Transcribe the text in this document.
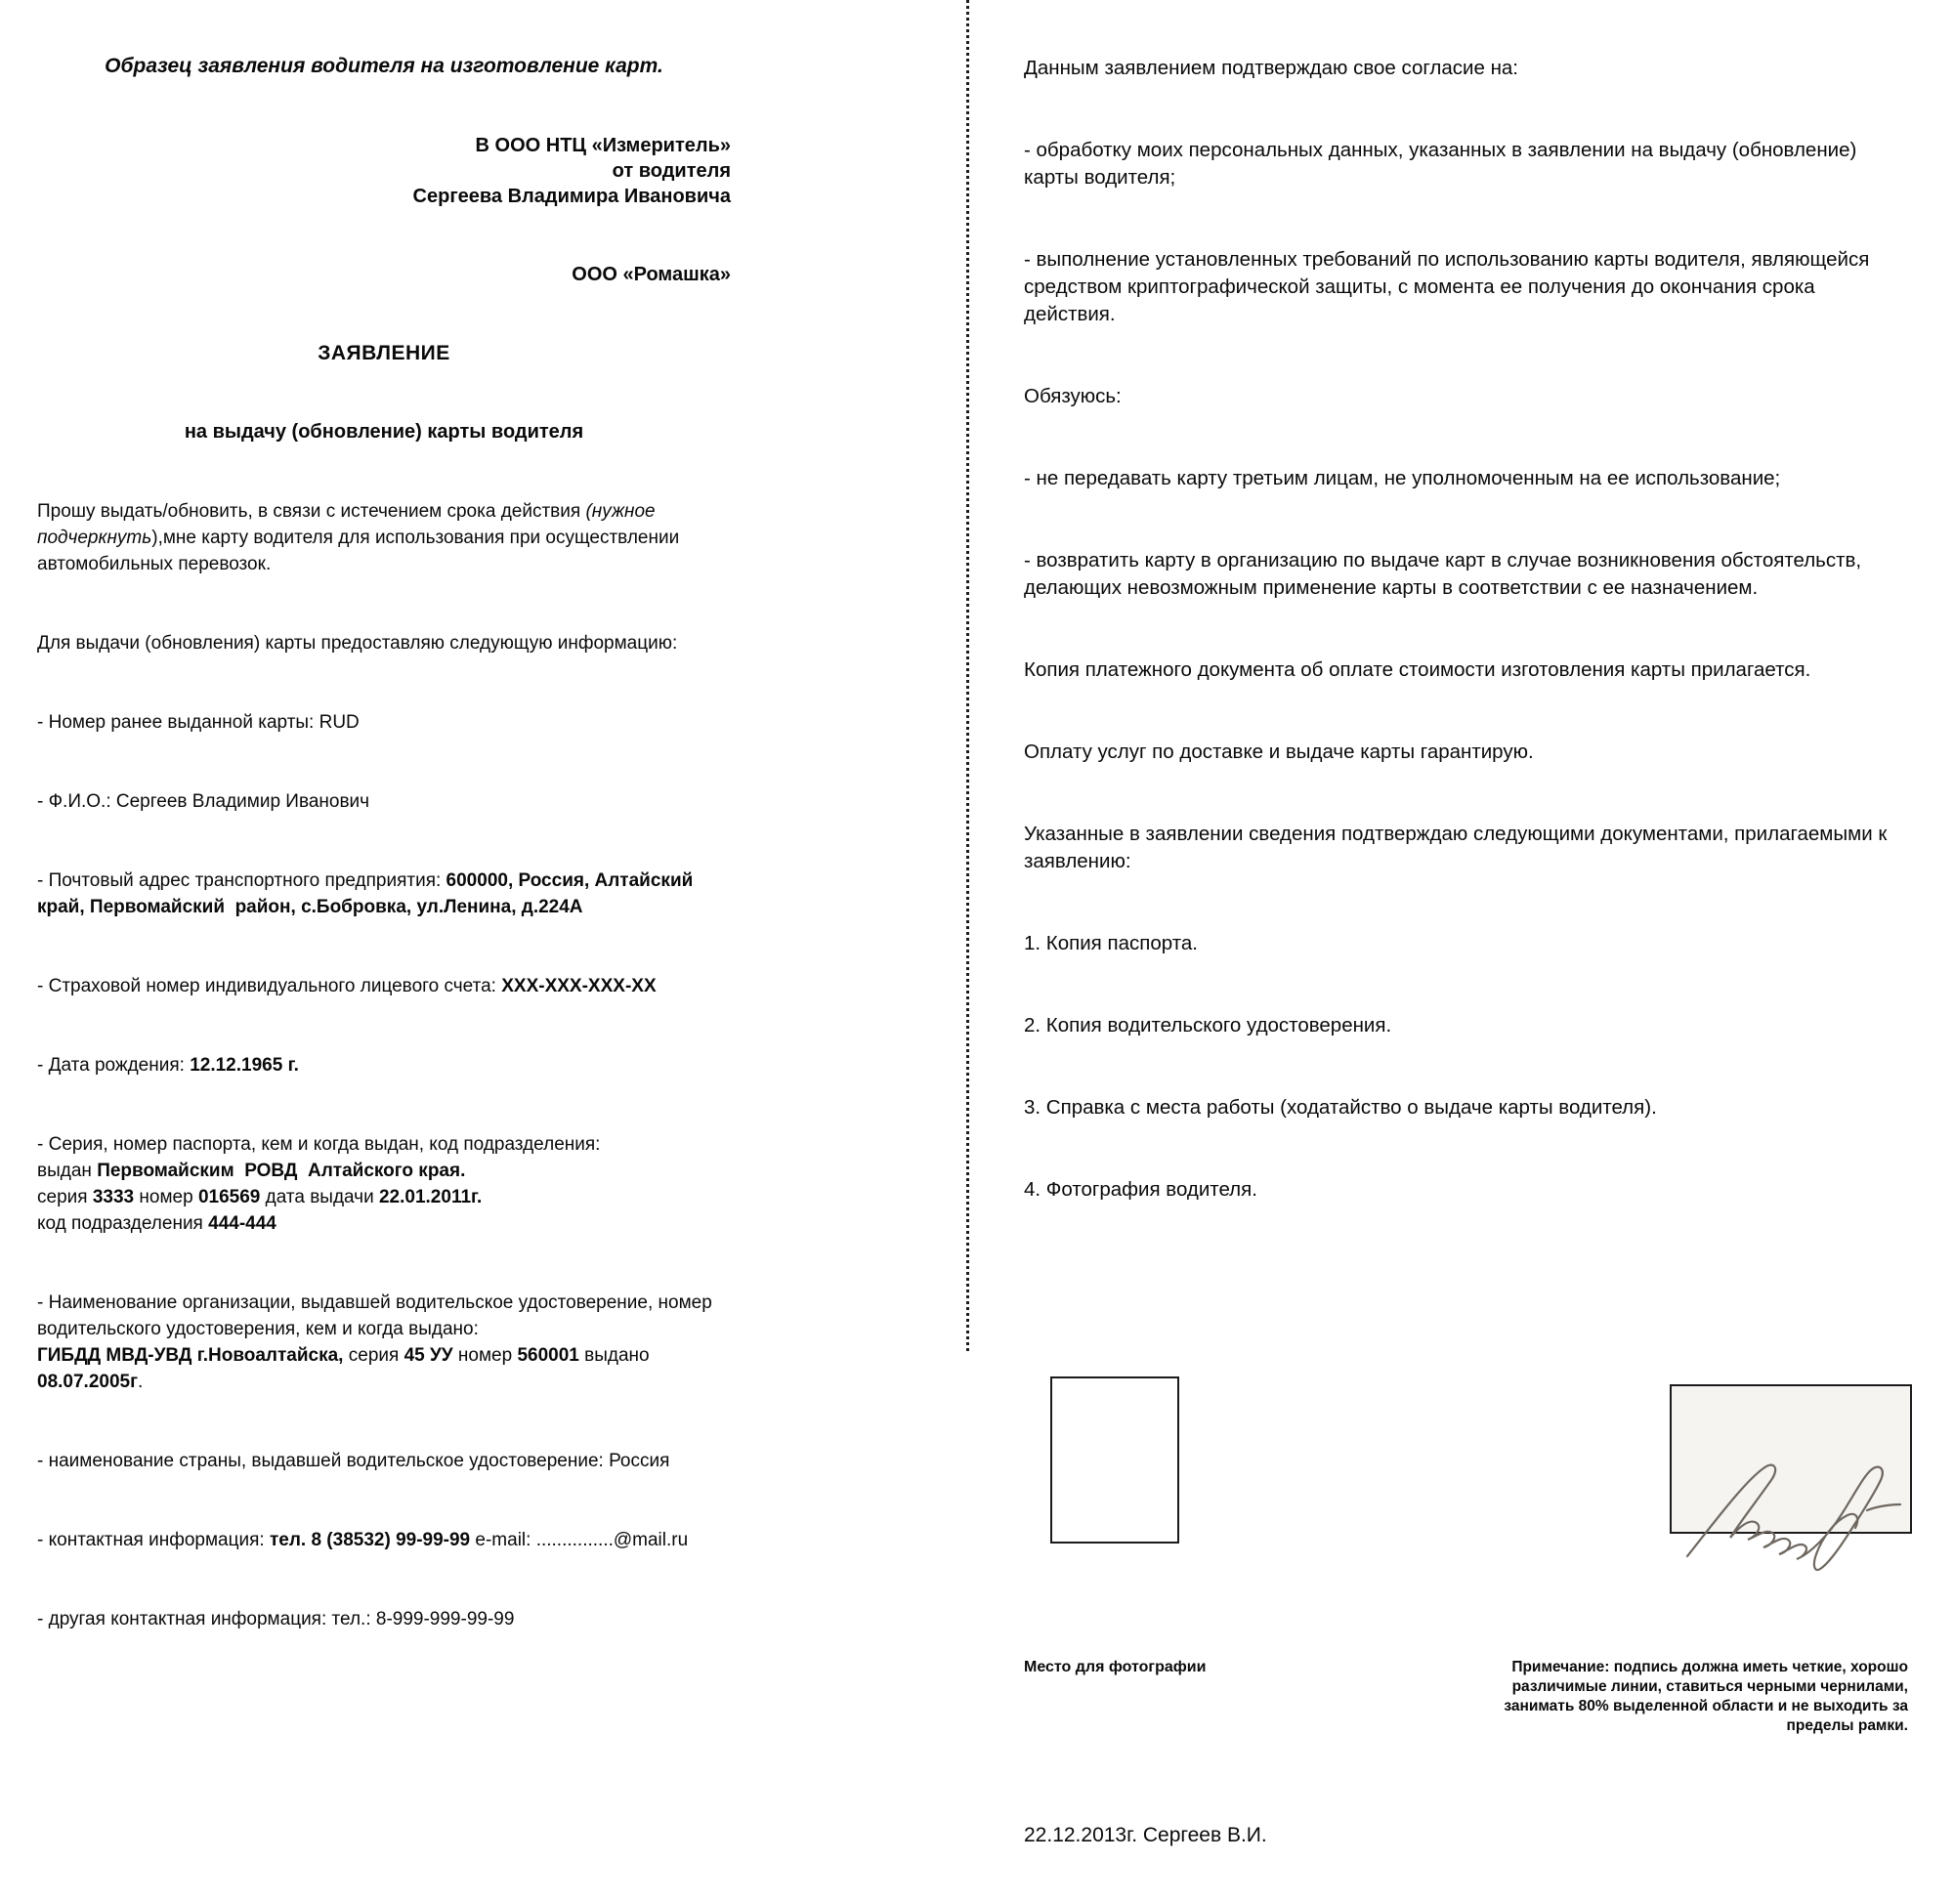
Образец заявления водителя на изготовление карт.

В ООО НТЦ «Измеритель»
от водителя
Сергеева Владимира Ивановича

ООО «Ромашка»

ЗАЯВЛЕНИЕ

на выдачу (обновление) карты водителя

Прошу выдать/обновить, в связи с истечением срока действия (нужное подчеркнуть),мне карту водителя для использования при осуществлении автомобильных перевозок.

Для выдачи (обновления) карты предоставляю следующую информацию:

- Номер ранее выданной карты: RUD

- Ф.И.О.: Сергеев Владимир Иванович

- Почтовый адрес транспортного предприятия: 600000, Россия, Алтайский край, Первомайский  район, с.Бобровка, ул.Ленина, д.224А

- Страховой номер индивидуального лицевого счета: ХХХ-ХХХ-ХХХ-ХХ

- Дата рождения: 12.12.1965 г.

- Серия, номер паспорта, кем и когда выдан, код подразделения:
выдан Первомайским  РОВД  Алтайского края.
серия 3333 номер 016569 дата выдачи 22.01.2011г.
код подразделения 444-444

- Наименование организации, выдавшей водительское удостоверение, номер
водительского удостоверения, кем и когда выдано:
ГИБДД МВД-УВД г.Новоалтайска, серия 45 УУ номер 560001 выдано
08.07.2005г.

- наименование страны, выдавшей водительское удостоверение: Россия

- контактная информация: тел. 8 (38532) 99-99-99 e-mail: ...............@mail.ru

- другая контактная информация: тел.: 8-999-999-99-99

Данным заявлением подтверждаю свое согласие на:

- обработку моих персональных данных, указанных в заявлении на выдачу (обновление) карты водителя;

- выполнение установленных требований по использованию карты водителя, являющейся средством криптографической защиты, с момента ее получения до окончания срока действия.

Обязуюсь:

- не передавать карту третьим лицам, не уполномоченным на ее использование;

- возвратить карту в организацию по выдаче карт в случае возникновения обстоятельств, делающих невозможным применение карты в соответствии с ее назначением.

Копия платежного документа об оплате стоимости изготовления карты прилагается.

Оплату услуг по доставке и выдаче карты гарантирую.

Указанные в заявлении сведения подтверждаю следующими документами, прилагаемыми к заявлению:

1. Копия паспорта.

2. Копия водительского удостоверения.

3. Справка с места работы (ходатайство о выдаче карты водителя).

4. Фотография водителя.

Место для фотографии	Примечание: подпись должна иметь четкие, хорошо различимые линии, ставиться черными чернилами, занимать 80% выделенной области и не выходить за пределы рамки.

22.12.2013г. Сергеев В.И.
